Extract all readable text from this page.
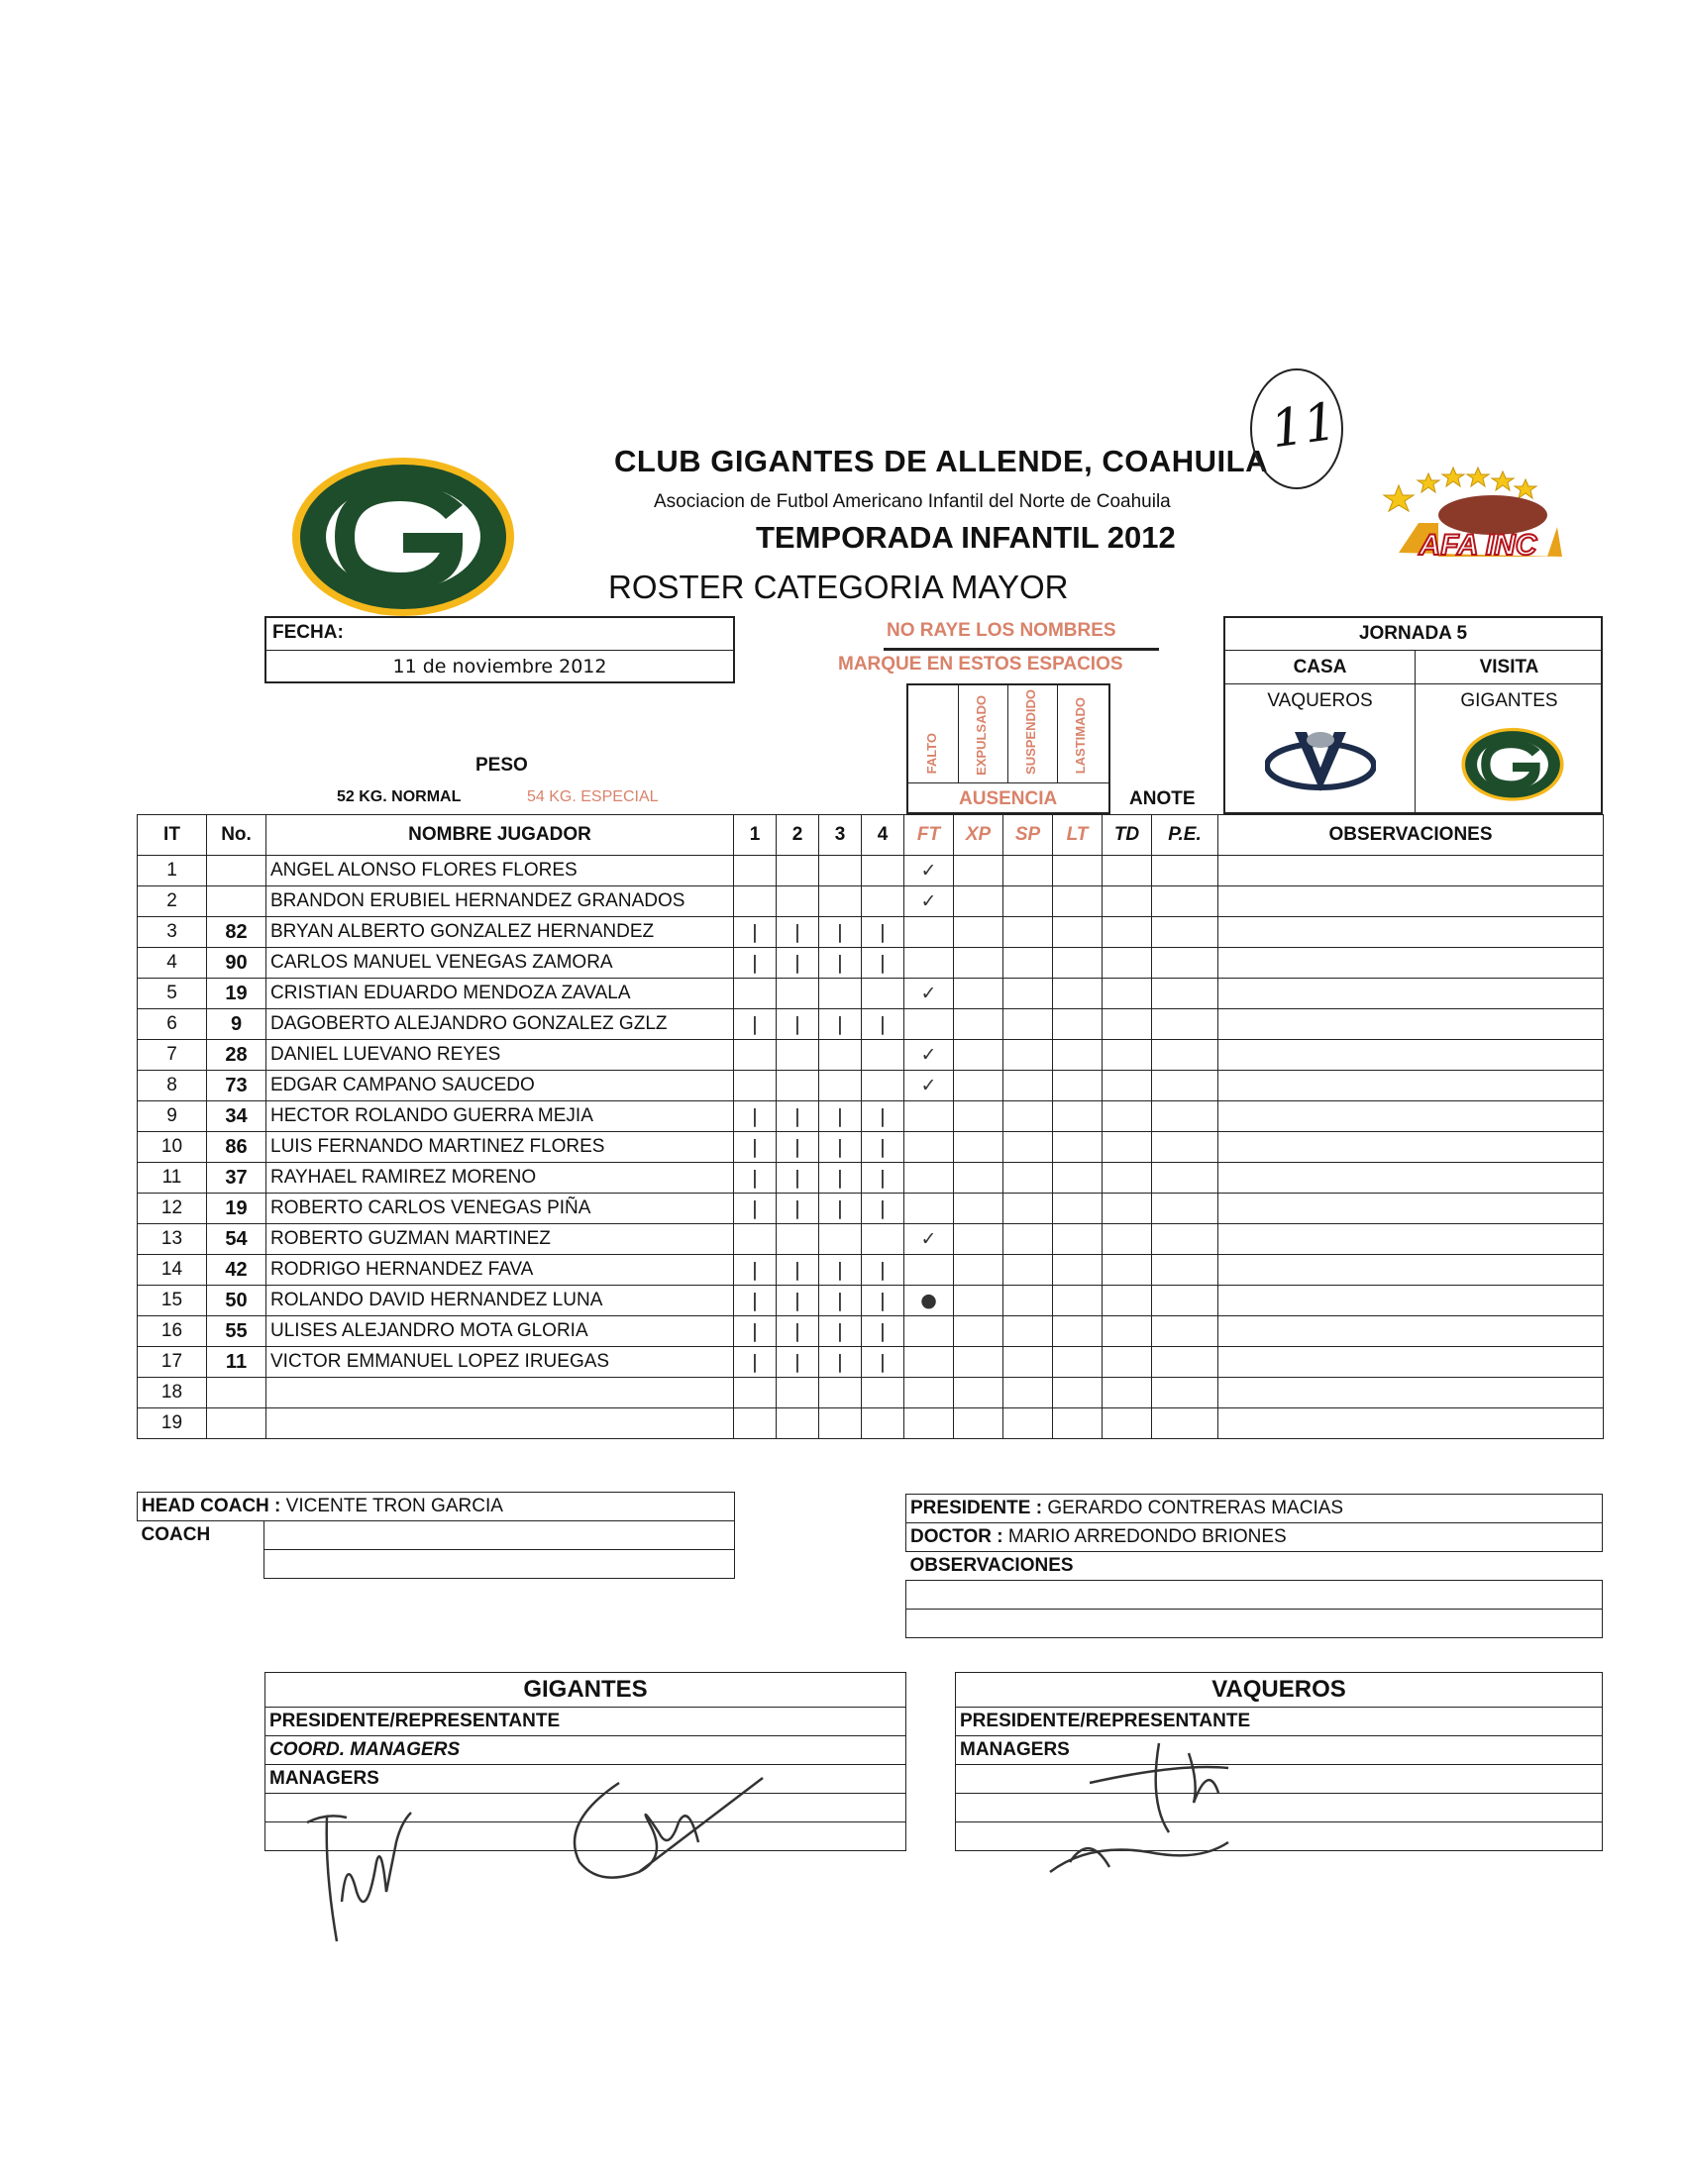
CLUB GIGANTES DE ALLENDE, COAHUILA
Asociacion de Futbol Americano Infantil del Norte de Coahuila
TEMPORADA INFANTIL 2012
ROSTER CATEGORIA MAYOR
11
AFA INC
FECHA:
11 de noviembre 2012
NO RAYE LOS NOMBRES
MARQUE EN ESTOS ESPACIOS
FALTO	EXPULSADO	SUSPENDIDO	LASTIMADO
AUSENCIA	ANOTE
PESO
52 KG. NORMAL	54 KG. ESPECIAL
JORNADA 5
CASA	VISITA
VAQUEROS	GIGANTES
IT	No.	NOMBRE JUGADOR	1	2	3	4	FT	XP	SP	LT	TD	P.E.	OBSERVACIONES
1		ANGEL ALONSO FLORES FLORES					✓						
2		BRANDON ERUBIEL HERNANDEZ GRANADOS					✓						
3	82	BRYAN ALBERTO GONZALEZ HERNANDEZ	|	|	|	|							
4	90	CARLOS MANUEL VENEGAS ZAMORA	|	|	|	|							
5	19	CRISTIAN EDUARDO MENDOZA ZAVALA					✓						
6	9	DAGOBERTO ALEJANDRO GONZALEZ GZLZ	|	|	|	|							
7	28	DANIEL LUEVANO REYES					✓						
8	73	EDGAR CAMPANO SAUCEDO					✓						
9	34	HECTOR ROLANDO GUERRA MEJIA	|	|	|	|							
10	86	LUIS FERNANDO MARTINEZ FLORES	|	|	|	|							
11	37	RAYHAEL RAMIREZ MORENO	|	|	|	|							
12	19	ROBERTO CARLOS VENEGAS PIÑA	|	|	|	|							
13	54	ROBERTO GUZMAN MARTINEZ					✓						
14	42	RODRIGO HERNANDEZ FAVA	|	|	|	|							
15	50	ROLANDO DAVID HERNANDEZ LUNA	|	|	|	|	●						
16	55	ULISES ALEJANDRO MOTA GLORIA	|	|	|	|							
17	11	VICTOR EMMANUEL LOPEZ IRUEGAS	|	|	|	|							
18													
19													
HEAD COACH : VICENTE TRON GARCIA	
COACH	

PRESIDENTE : GERARDO CONTRERAS MACIAS
DOCTOR : MARIO ARREDONDO BRIONES
OBSERVACIONES

GIGANTES
PRESIDENTE/REPRESENTANTE
COORD. MANAGERS
MANAGERS

VAQUEROS
PRESIDENTE/REPRESENTANTE
MANAGERS
